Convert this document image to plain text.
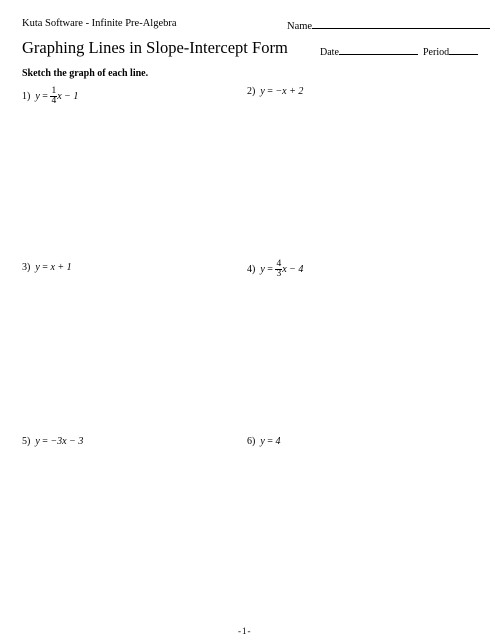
Kuta Software - Infinite Pre-Algebra	Name
Graphing Lines in Slope-Intercept Form	Date	Period
Sketch the graph of each line.
1) $y = \frac{1}{4}$ x − 1	2) y = −x + 2
3) y = x + 1	4) $y = \frac{4}{3}$ x − 4
5) y = −3x − 3	6) y = 4
-6 -5 -4 -3 -2 -1	1 2 3 4 5 6
6
5
4
3
2
1
-1
-2
-3
-4
-5
-6
x
y
-6 -5 -4 -3 -2 -1	1 2 3 4 5 6
6
5
4
3
2
1
-1
-2
-3
-4
-5
-6
x
y
-6 -5 -4 -3 -2 -1	1 2 3 4 5 6
6
5
4
3
2
1
-1
-2
-3
-4
-5
-6
x
y
-6 -5 -4 -3 -2 -1	1 2 3 4 5 6
6
5
4
3
2
1
-1
-2
-3
-4
-5
-6
x
y
-6 -5 -4 -3 -2 -1	1 2 3 4 5 6
6
5
4
3
2
1
-1
-2
-3
-4
-5
-6
x
y
-6 -5 -4 -3 -2 -1	1 2 3 4 5 6
6
5
4
3
2
1
-1
-2
-3
-4
-5
-6
x
y
-1-
